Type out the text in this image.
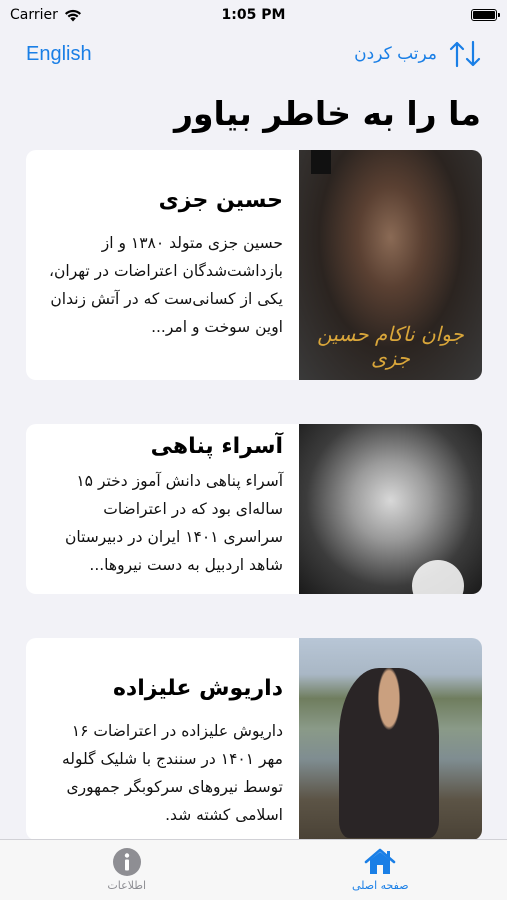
Carrier	1:05 PM
English	مرتب کردن
ما را به خاطر بیاور
حسین جزی
حسین جزی متولد ۱۳۸۰ و از بازداشت‌شدگان اعتراضات در تهران، یکی از کسانی‌ست که در آتش زندان اوین سوخت و امر...	جوان ناکام حسین جزی
آسراء پناهی
آسراء پناهی دانش آموز دختر ۱۵ ساله‌ای بود که در اعتراضات سراسری ۱۴۰۱ ایران در دبیرستان شاهد اردبیل به دست نیروها...
داریوش علیزاده
داریوش علیزاده در اعتراضات ۱۶ مهر ۱۴۰۱ در سنندج با شلیک گلوله توسط نیروهای سرکوبگر جمهوری اسلامی کشته شد.
اطلاعات	صفحه اصلی
